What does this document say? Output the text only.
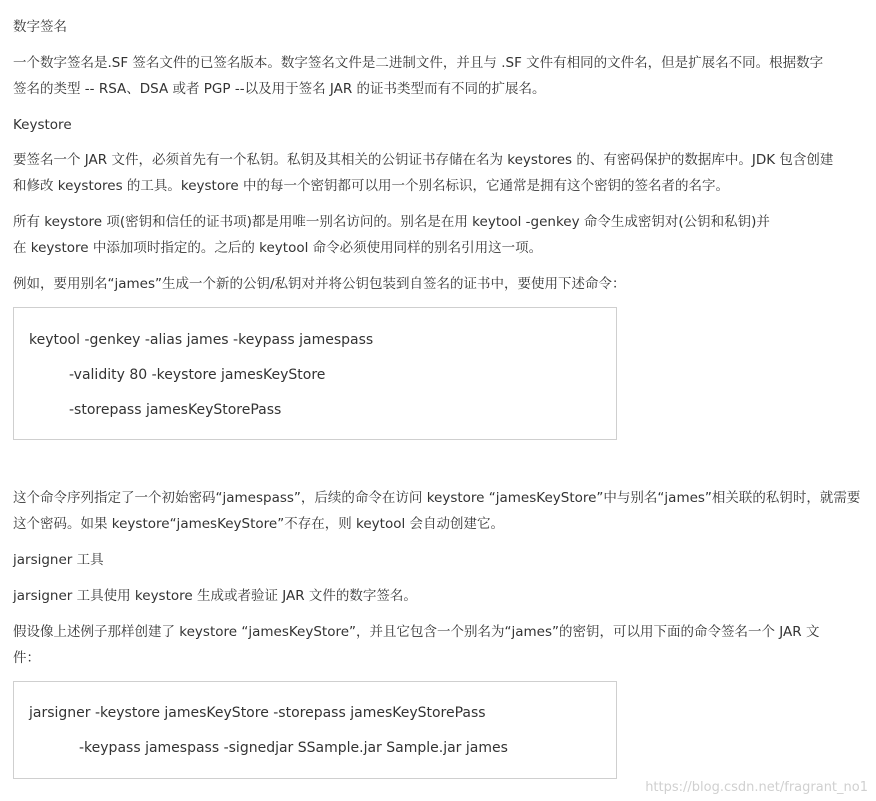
数字签名

一个数字签名是.SF 签名文件的已签名版本。数字签名文件是二进制文件，并且与 .SF 文件有相同的文件名，但是扩展名不同。根据数字

签名的类型 -- RSA、DSA 或者 PGP --以及用于签名 JAR 的证书类型而有不同的扩展名。

Keystore

要签名一个 JAR 文件，必须首先有一个私钥。私钥及其相关的公钥证书存储在名为 keystores 的、有密码保护的数据库中。JDK 包含创建

和修改 keystores 的工具。keystore 中的每一个密钥都可以用一个别名标识，它通常是拥有这个密钥的签名者的名字。

所有 keystore 项(密钥和信任的证书项)都是用唯一别名访问的。别名是在用 keytool -genkey 命令生成密钥对(公钥和私钥)并

在 keystore 中添加项时指定的。之后的 keytool 命令必须使用同样的别名引用这一项。

例如，要用别名“james”生成一个新的公钥/私钥对并将公钥包装到自签名的证书中，要使用下述命令：

keytool -genkey -alias james -keypass jamespass
-validity 80 -keystore jamesKeyStore
-storepass jamesKeyStorePass

这个命令序列指定了一个初始密码“jamespass”，后续的命令在访问 keystore “jamesKeyStore”中与别名“james”相关联的私钥时，就需要

这个密码。如果 keystore“jamesKeyStore”不存在，则 keytool 会自动创建它。

jarsigner 工具

jarsigner 工具使用 keystore 生成或者验证 JAR 文件的数字签名。

假设像上述例子那样创建了 keystore “jamesKeyStore”，并且它包含一个别名为“james”的密钥，可以用下面的命令签名一个 JAR 文

件：

jarsigner -keystore jamesKeyStore -storepass jamesKeyStorePass
-keypass jamespass -signedjar SSample.jar Sample.jar james
https://blog.csdn.net/fragrant_no1
